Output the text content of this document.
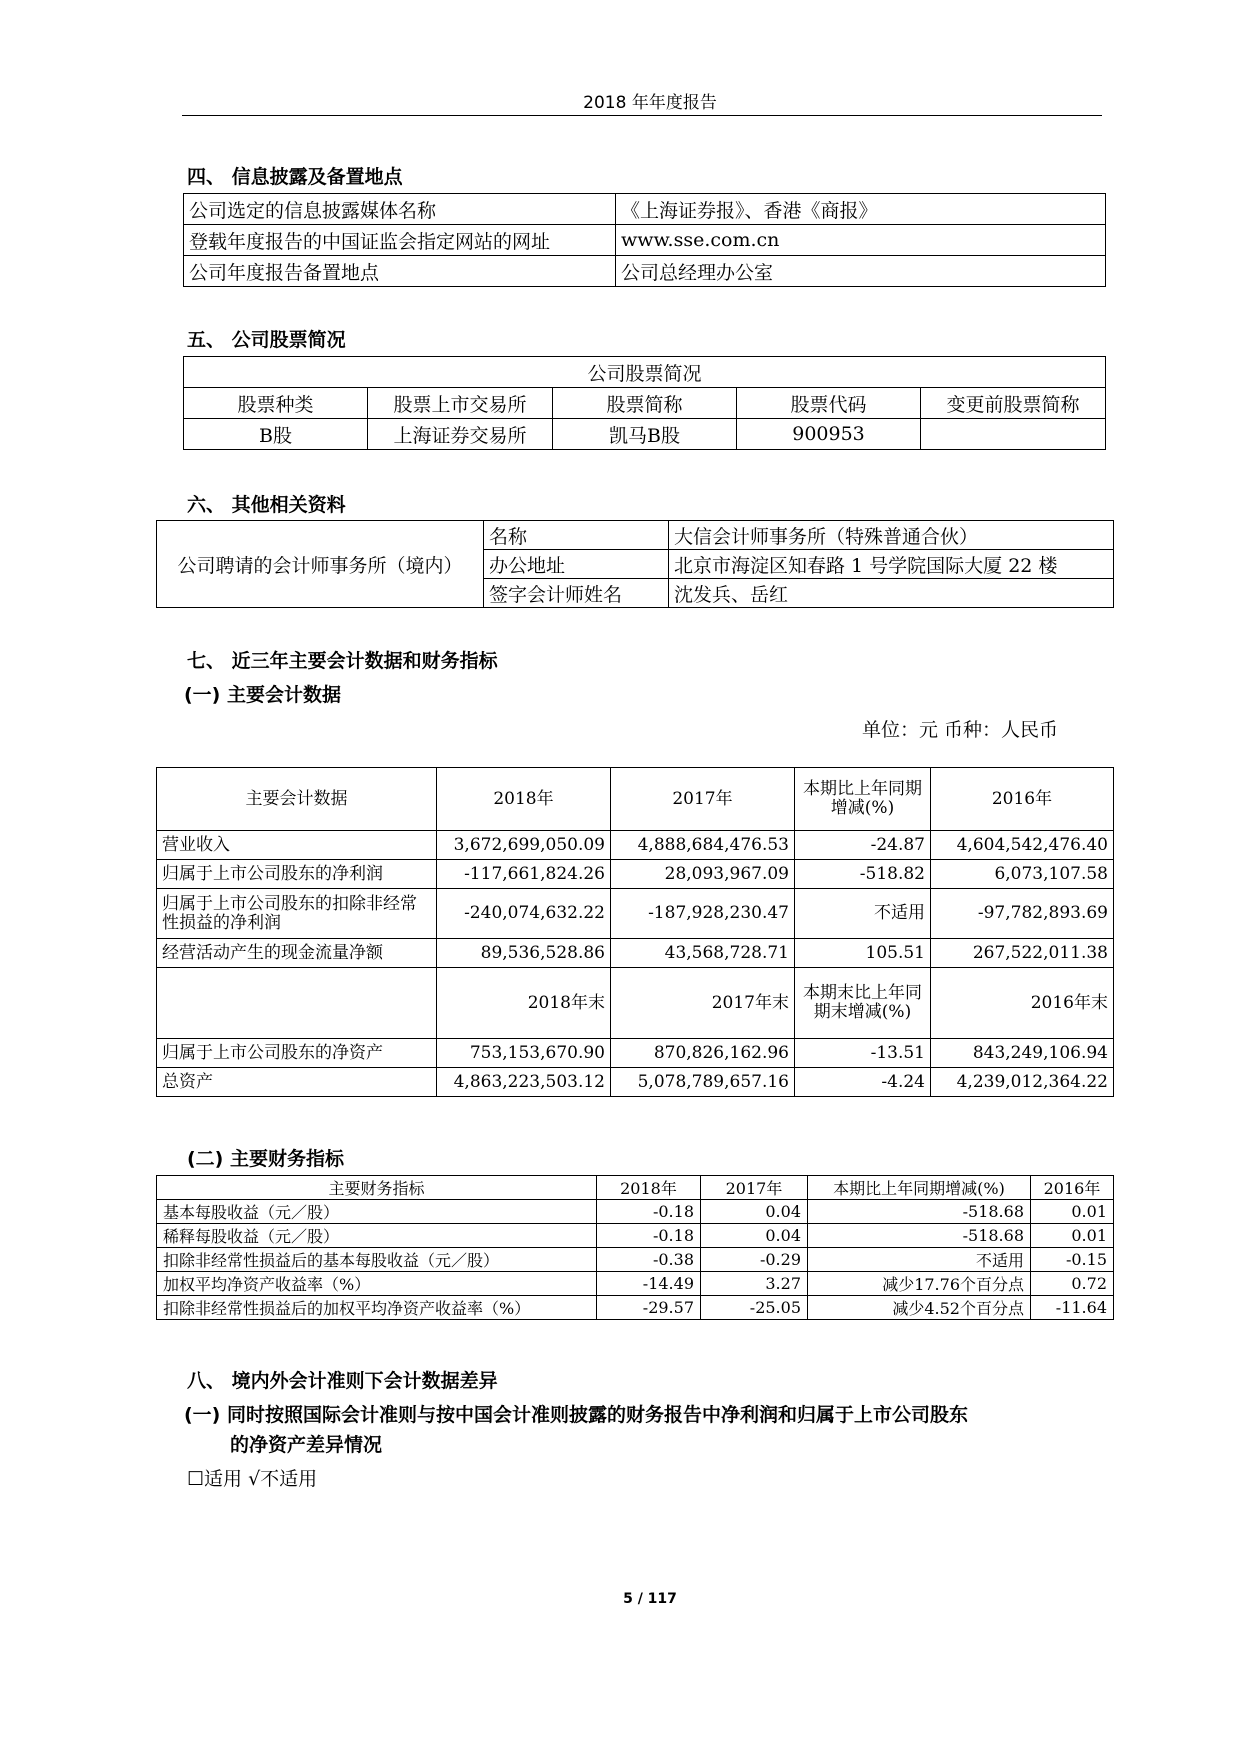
2018 年年度报告
四、 信息披露及备置地点
公司选定的信息披露媒体名称	《上海证券报》、香港《商报》
登载年度报告的中国证监会指定网站的网址	www.sse.com.cn
公司年度报告备置地点	公司总经理办公室
五、 公司股票简况
公司股票简况				
股票种类	股票上市交易所	股票简称	股票代码	变更前股票简称
B股	上海证券交易所	凯马B股	900953	
六、 其他相关资料
公司聘请的会计师事务所（境内）	名称	大信会计师事务所（特殊普通合伙）
	办公地址	北京市海淀区知春路 1 号学院国际大厦 22 楼
	签字会计师姓名	沈发兵、岳红
七、 近三年主要会计数据和财务指标
(一) 主要会计数据
单位：元 币种：人民币
主要会计数据	2018年	2017年	本期比上年同期增减(%)	2016年
营业收入	3,672,699,050.09	4,888,684,476.53	-24.87	4,604,542,476.40
归属于上市公司股东的净利润	-117,661,824.26	28,093,967.09	-518.82	6,073,107.58
归属于上市公司股东的扣除非经常性损益的净利润	-240,074,632.22	-187,928,230.47	不适用	-97,782,893.69
经营活动产生的现金流量净额	89,536,528.86	43,568,728.71	105.51	267,522,011.38
	2018年末	2017年末	本期末比上年同期末增减(%)	2016年末
归属于上市公司股东的净资产	753,153,670.90	870,826,162.96	-13.51	843,249,106.94
总资产	4,863,223,503.12	5,078,789,657.16	-4.24	4,239,012,364.22
(二) 主要财务指标
主要财务指标	2018年	2017年	本期比上年同期增减(%)	2016年
基本每股收益（元／股）	-0.18	0.04	-518.68	0.01
稀释每股收益（元／股）	-0.18	0.04	-518.68	0.01
扣除非经常性损益后的基本每股收益（元／股）	-0.38	-0.29	不适用	-0.15
加权平均净资产收益率（%）	-14.49	3.27	减少17.76个百分点	0.72
扣除非经常性损益后的加权平均净资产收益率（%）	-29.57	-25.05	减少4.52个百分点	-11.64
八、 境内外会计准则下会计数据差异
(一) 同时按照国际会计准则与按中国会计准则披露的财务报告中净利润和归属于上市公司股东
的净资产差异情况
☐适用 √不适用
5 / 117
